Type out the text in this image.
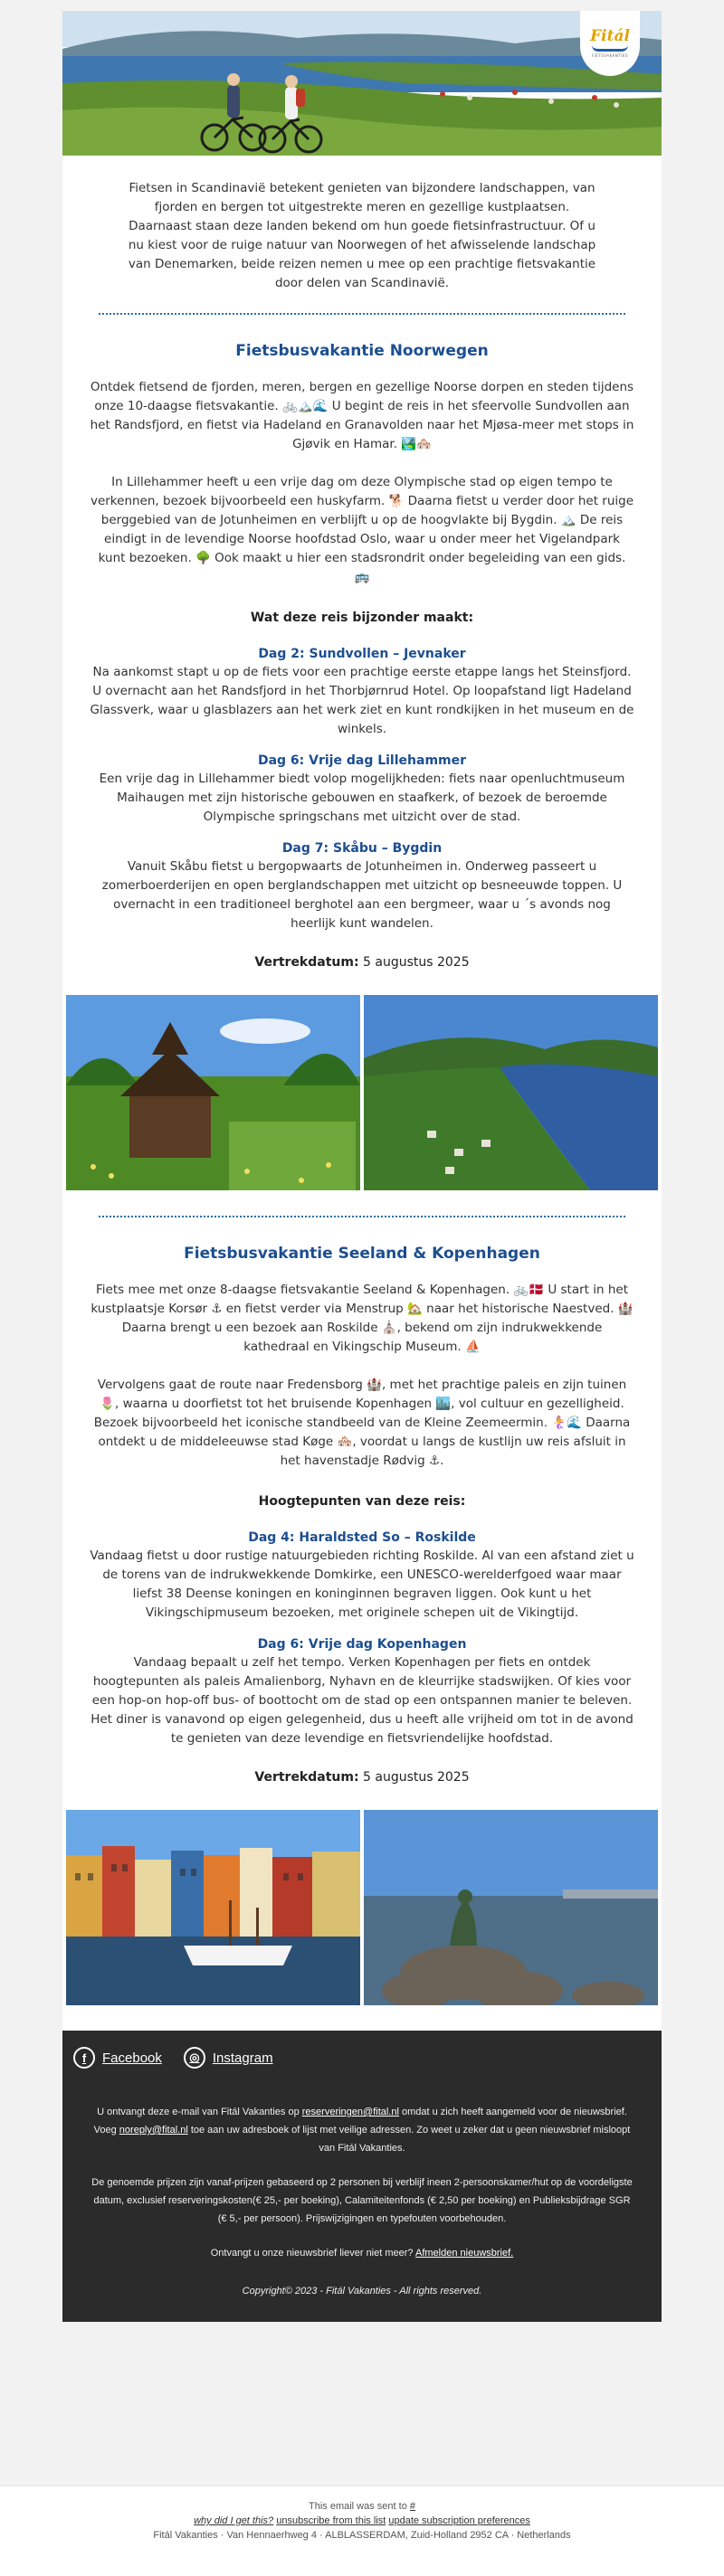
Fitál
FIETSVAKANTIES

Fietsen in Scandinavië betekent genieten van bijzondere landschappen, van fjorden en bergen tot uitgestrekte meren en gezellige kustplaatsen. Daarnaast staan deze landen bekend om hun goede fietsinfrastructuur. Of u nu kiest voor de ruige natuur van Noorwegen of het afwisselende landschap van Denemarken, beide reizen nemen u mee op een prachtige fietsvakantie door delen van Scandinavië.

Fietsbusvakantie Noorwegen

Ontdek fietsend de fjorden, meren, bergen en gezellige Noorse dorpen en steden tijdens onze 10-daagse fietsvakantie. 🚲🏔️🌊 U begint de reis in het sfeervolle Sundvollen aan het Randsfjord, en fietst via Hadeland en Granavolden naar het Mjøsa-meer met stops in Gjøvik en Hamar. 🏞️🏘️

In Lillehammer heeft u een vrije dag om deze Olympische stad op eigen tempo te verkennen, bezoek bijvoorbeeld een huskyfarm. 🐕 Daarna fietst u verder door het ruige berggebied van de Jotunheimen en verblijft u op de hoogvlakte bij Bygdin. 🏔️ De reis eindigt in de levendige Noorse hoofdstad Oslo, waar u onder meer het Vigelandpark kunt bezoeken. 🌳 Ook maakt u hier een stadsrondrit onder begeleiding van een gids. 🚌

Wat deze reis bijzonder maakt:
Dag 2: Sundvollen – Jevnaker

Na aankomst stapt u op de fiets voor een prachtige eerste etappe langs het Steinsfjord. U overnacht aan het Randsfjord in het Thorbjørnrud Hotel. Op loopafstand ligt Hadeland Glassverk, waar u glasblazers aan het werk ziet en kunt rondkijken in het museum en de winkels.

Dag 6: Vrije dag Lillehammer

Een vrije dag in Lillehammer biedt volop mogelijkheden: fiets naar openluchtmuseum Maihaugen met zijn historische gebouwen en staafkerk, of bezoek de beroemde Olympische springschans met uitzicht over de stad.

Dag 7: Skåbu – Bygdin

Vanuit Skåbu fietst u bergopwaarts de Jotunheimen in. Onderweg passeert u zomerboerderijen en open berglandschappen met uitzicht op besneeuwde toppen. U overnacht in een traditioneel berghotel aan een bergmeer, waar u ´s avonds nog heerlijk kunt wandelen.

Vertrekdatum: 5 augustus 2025

Fietsbusvakantie Seeland & Kopenhagen

Fiets mee met onze 8-daagse fietsvakantie Seeland & Kopenhagen. 🚲🇩🇰 U start in het kustplaatsje Korsør ⚓ en fietst verder via Menstrup 🏡 naar het historische Naestved. 🏰 Daarna brengt u een bezoek aan Roskilde ⛪, bekend om zijn indrukwekkende kathedraal en Vikingschip Museum. ⛵

Vervolgens gaat de route naar Fredensborg 🏰, met het prachtige paleis en zijn tuinen 🌷, waarna u doorfietst tot het bruisende Kopenhagen 🏙️, vol cultuur en gezelligheid. Bezoek bijvoorbeeld het iconische standbeeld van de Kleine Zeemeermin. 🧜‍♀️🌊 Daarna ontdekt u de middeleeuwse stad Køge 🏘️, voordat u langs de kustlijn uw reis afsluit in het havenstadje Rødvig ⚓.

Hoogtepunten van deze reis:
Dag 4: Haraldsted So – Roskilde

Vandaag fietst u door rustige natuurgebieden richting Roskilde. Al van een afstand ziet u de torens van de indrukwekkende Domkirke, een UNESCO-werelderfgoed waar maar liefst 38 Deense koningen en koninginnen begraven liggen. Ook kunt u het Vikingschipmuseum bezoeken, met originele schepen uit de Vikingtijd.

Dag 6: Vrije dag Kopenhagen

Vandaag bepaalt u zelf het tempo. Verken Kopenhagen per fiets en ontdek hoogtepunten als paleis Amalienborg, Nyhavn en de kleurrijke stadswijken. Of kies voor een hop-on hop-off bus- of boottocht om de stad op een ontspannen manier te beleven. Het diner is vanavond op eigen gelegenheid, dus u heeft alle vrijheid om tot in de avond te genieten van deze levendige en fietsvriendelijke hoofdstad.

Vertrekdatum: 5 augustus 2025

f	Facebook	◎ Instagram

U ontvangt deze e-mail van Fitál Vakanties op reserveringen@fital.nl omdat u zich heeft aangemeld voor de nieuwsbrief. Voeg noreply@fital.nl toe aan uw adresboek of lijst met veilige adressen. Zo weet u zeker dat u geen nieuwsbrief misloopt van Fitál Vakanties.

De genoemde prijzen zijn vanaf-prijzen gebaseerd op 2 personen bij verblijf ineen 2-persoonskamer/hut op de voordeligste datum, exclusief reserveringskosten(€ 25,- per boeking), Calamiteitenfonds (€ 2,50 per boeking) en Publieksbijdrage SGR (€ 5,- per persoon). Prijswijzigingen en typefouten voorbehouden.

Ontvangt u onze nieuwsbrief liever niet meer? Afmelden nieuwsbrief.

Copyright© 2023 - Fitál Vakanties - All rights reserved.

This email was sent to #
why did I get this? unsubscribe from this list update subscription preferences
Fitál Vakanties · Van Hennaerhweg 4 · ALBLASSERDAM, Zuid-Holland 2952 CA · Netherlands
